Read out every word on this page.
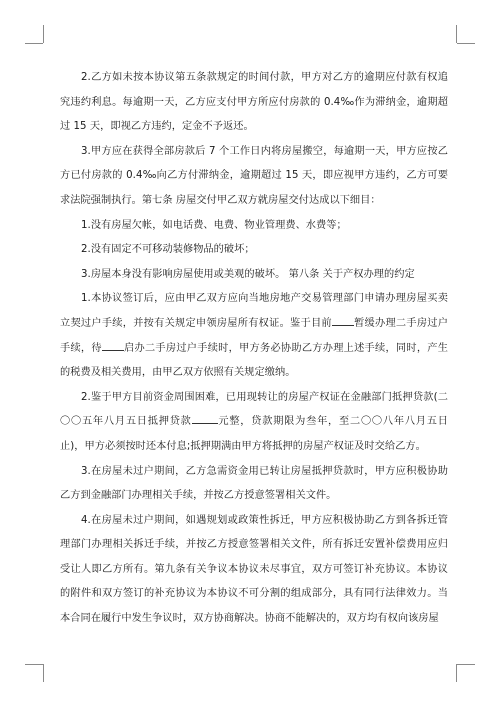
2.乙方如未按本协议第五条款规定的时间付款，甲方对乙方的逾期应付款有权追究违约利息。每逾期一天，乙方应支付甲方所应付房款的 0.4‰作为滞纳金，逾期超过 15 天，即视乙方违约，定金不予返还。

3.甲方应在获得全部房款后 7 个工作日内将房屋搬空，每逾期一天，甲方应按乙方已付房款的 0.4‰向乙方付滞纳金，逾期超过 15 天，即应视甲方违约，乙方可要求法院强制执行。第七条 房屋交付甲乙双方就房屋交付达成以下细目：

1.没有房屋欠帐，如电话费、电费、物业管理费、水费等；

2.没有固定不可移动装修物品的破坏；

3.房屋本身没有影响房屋使用或美观的破坏。 第八条 关于产权办理的约定

1.本协议签订后，应由甲乙双方应向当地房地产交易管理部门申请办理房屋买卖立契过户手续，并按有关规定申领房屋所有权证。鉴于目前 暂缓办理二手房过户手续，待 启办二手房过户手续时，甲方务必协助乙方办理上述手续，同时，产生的税费及相关费用，由甲乙双方依照有关规定缴纳。

2.鉴于甲方目前资金周围困难，已用现转让的房屋产权证在金融部门抵押贷款(二〇〇五年八月五日抵押贷款	元整，贷款期限为叁年，至二〇〇八年八月五日止)，甲方必须按时还本付息;抵押期满由甲方将抵押的房屋产权证及时交给乙方。

3.在房屋未过户期间，乙方急需资金用已转让房屋抵押贷款时，甲方应积极协助乙方到金融部门办理相关手续，并按乙方授意签署相关文件。

4.在房屋未过户期间，如遇规划或政策性拆迁，甲方应积极协助乙方到各拆迁管理部门办理相关拆迁手续，并按乙方授意签署相关文件，所有拆迁安置补偿费用应归受让人即乙方所有。第九条有关争议本协议未尽事宜，双方可签订补充协议。本协议的附件和双方签订的补充协议为本协议不可分割的组成部分，具有同行法律效力。当本合同在履行中发生争议时，双方协商解决。协商不能解决的，双方均有权向该房屋
